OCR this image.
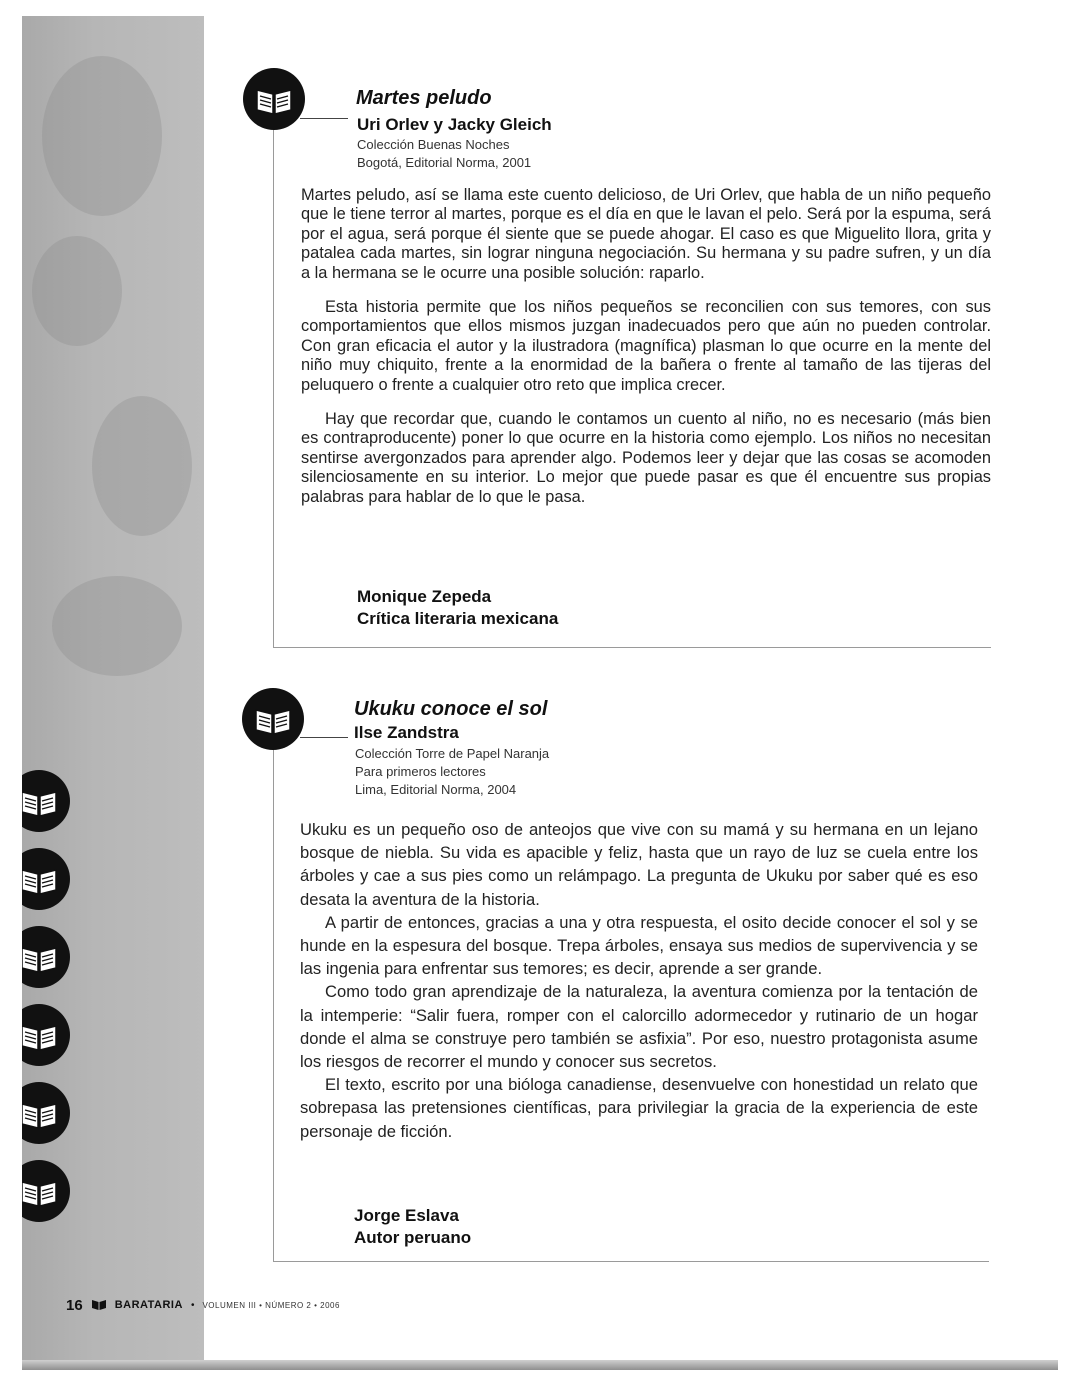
Martes peludo
Uri Orlev y Jacky Gleich
Colección Buenas Noches
Bogotá, Editorial Norma, 2001

Martes peludo, así se llama este cuento delicioso, de Uri Orlev, que habla de un niño pequeño que le tiene terror al martes, porque es el día en que le lavan el pelo. Será por la espuma, será por el agua, será porque él siente que se puede ahogar. El caso es que Miguelito llora, grita y patalea cada martes, sin lograr ninguna negociación. Su hermana y su padre sufren, y un día a la hermana se le ocurre una posible solución: raparlo.

Esta historia permite que los niños pequeños se reconcilien con sus temores, con sus comportamientos que ellos mismos juzgan inadecuados pero que aún no pueden controlar. Con gran eficacia el autor y la ilustradora (magnífica) plasman lo que ocurre en la mente del niño muy chiquito, frente a la enormidad de la bañera o frente al tamaño de las tijeras del peluquero o frente a cualquier otro reto que implica crecer.

Hay que recordar que, cuando le contamos un cuento al niño, no es necesario (más bien es contraproducente) poner lo que ocurre en la historia como ejemplo. Los niños no necesitan sentirse avergonzados para aprender algo. Podemos leer y dejar que las cosas se acomoden silenciosamente en su interior. Lo mejor que puede pasar es que él encuentre sus propias palabras para hablar de lo que le pasa.

Monique Zepeda
Crítica literaria mexicana
Ukuku conoce el sol
Ilse Zandstra
Colección Torre de Papel Naranja
Para primeros lectores
Lima, Editorial Norma, 2004

Ukuku es un pequeño oso de anteojos que vive con su mamá y su hermana en un lejano bosque de niebla. Su vida es apacible y feliz, hasta que un rayo de luz se cuela entre los árboles y cae a sus pies como un relámpago. La pregunta de Ukuku por saber qué es eso desata la aventura de la historia.

A partir de entonces, gracias a una y otra respuesta, el osito decide conocer el sol y se hunde en la espesura del bosque. Trepa árboles, ensaya sus medios de supervivencia y se las ingenia para enfrentar sus temores; es decir, aprende a ser grande.

Como todo gran aprendizaje de la naturaleza, la aventura comienza por la tentación de la intemperie: “Salir fuera, romper con el calorcillo adormecedor y rutinario de un hogar donde el alma se construye pero también se asfixia”. Por eso, nuestro protagonista asume los riesgos de recorrer el mundo y conocer sus secretos.

El texto, escrito por una bióloga canadiense, desenvuelve con honestidad un relato que sobrepasa las pretensiones científicas, para privilegiar la gracia de la experiencia de este personaje de ficción.

Jorge Eslava
Autor peruano
16	BARATARIA • VOLUMEN III • NÚMERO 2 • 2006
